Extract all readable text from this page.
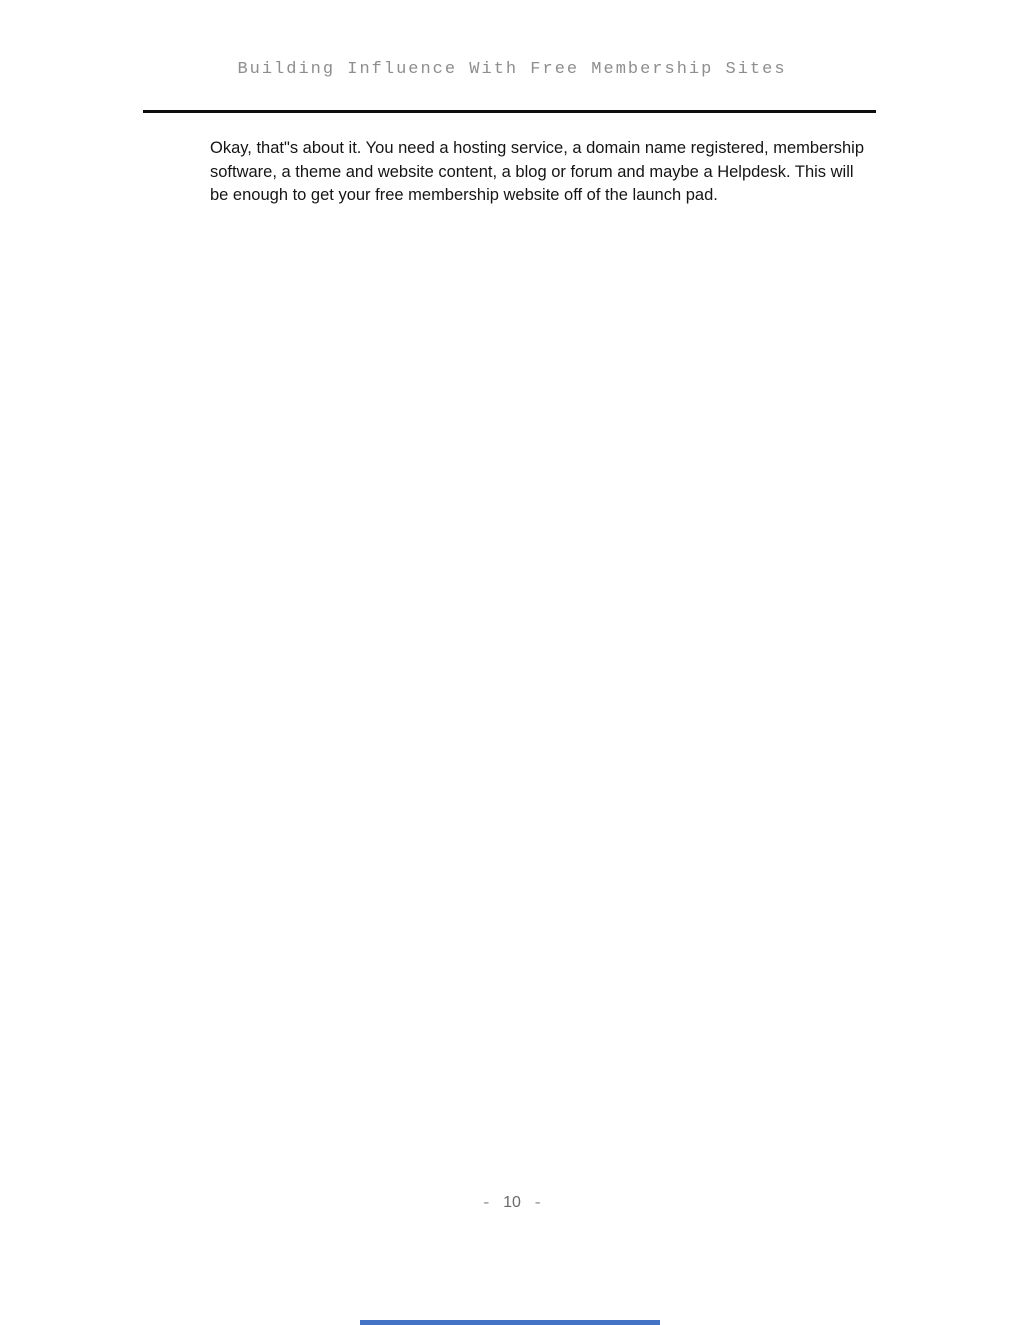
Building Influence With Free Membership Sites
Okay, that"s about it. You need a hosting service, a domain name registered, membership software, a theme and website content, a blog or forum and maybe a Helpdesk. This will be enough to get your free membership website off of the launch pad.
- 10 -
